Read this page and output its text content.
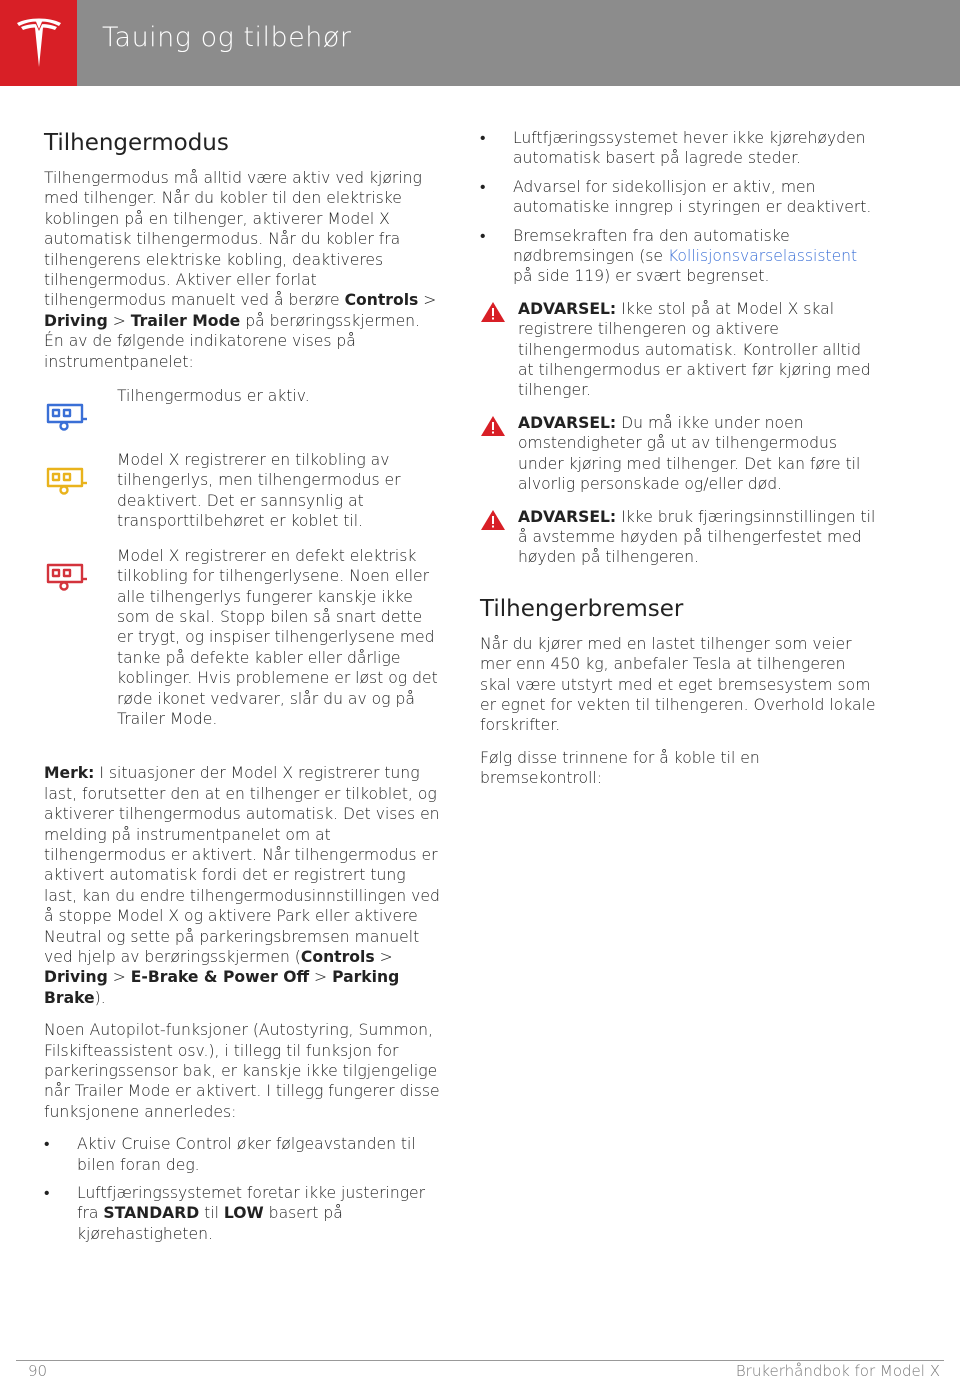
Tauing og tilbehør
Tilhengermodus

Tilhengermodus må alltid være aktiv ved kjøring med tilhenger. Når du kobler til den elektriske koblingen på en tilhenger, aktiverer Model X automatisk tilhengermodus. Når du kobler fra tilhengerens elektriske kobling, deaktiveres tilhengermodus. Aktiver eller forlat tilhengermodus manuelt ved å berøre Controls > Driving > Trailer Mode på berøringsskjermen. Én av de følgende indikatorene vises på instrumentpanelet:

Tilhengermodus er aktiv.
Model X registrerer en tilkobling av tilhengerlys, men tilhengermodus er deaktivert. Det er sannsynlig at transporttilbehøret er koblet til.
Model X registrerer en defekt elektrisk tilkobling for tilhengerlysene. Noen eller alle tilhengerlys fungerer kanskje ikke som de skal. Stopp bilen så snart dette er trygt, og inspiser tilhengerlysene med tanke på defekte kabler eller dårlige koblinger. Hvis problemene er løst og det røde ikonet vedvarer, slår du av og på Trailer Mode.

Merk: I situasjoner der Model X registrerer tung last, forutsetter den at en tilhenger er tilkoblet, og aktiverer tilhengermodus automatisk. Det vises en melding på instrumentpanelet om at tilhengermodus er aktivert. Når tilhengermodus er aktivert automatisk fordi det er registrert tung last, kan du endre tilhengermodusinnstillingen ved å stoppe Model X og aktivere Park eller aktivere Neutral og sette på parkeringsbremsen manuelt ved hjelp av berøringsskjermen (Controls > Driving > E-Brake & Power Off > Parking Brake).

Noen Autopilot-funksjoner (Autostyring, Summon, Filskifteassistent osv.), i tillegg til funksjon for parkeringssensor bak, er kanskje ikke tilgjengelige når Trailer Mode er aktivert. I tillegg fungerer disse funksjonene annerledes:

• Aktiv Cruise Control øker følgeavstanden til bilen foran deg.
• Luftfjæringssystemet foretar ikke justeringer fra STANDARD til LOW basert på kjørehastigheten.
• Luftfjæringssystemet hever ikke kjørehøyden automatisk basert på lagrede steder.
• Advarsel for sidekollisjon er aktiv, men automatiske inngrep i styringen er deaktivert.
• Bremsekraften fra den automatiske nødbremsingen (se Kollisjonsvarselassistent på side 119) er svært begrenset.
ADVARSEL: Ikke stol på at Model X skal registrere tilhengeren og aktivere tilhengermodus automatisk. Kontroller alltid at tilhengermodus er aktivert før kjøring med tilhenger.
ADVARSEL: Du må ikke under noen omstendigheter gå ut av tilhengermodus under kjøring med tilhenger. Det kan føre til alvorlig personskade og/eller død.
ADVARSEL: Ikke bruk fjæringsinnstillingen til å avstemme høyden på tilhengerfestet med høyden på tilhengeren.
Tilhengerbremser

Når du kjører med en lastet tilhenger som veier mer enn 450 kg, anbefaler Tesla at tilhengeren skal være utstyrt med et eget bremsesystem som er egnet for vekten til tilhengeren. Overhold lokale forskrifter.

Følg disse trinnene for å koble til en bremsekontroll:

90	Brukerhåndbok for Model X
